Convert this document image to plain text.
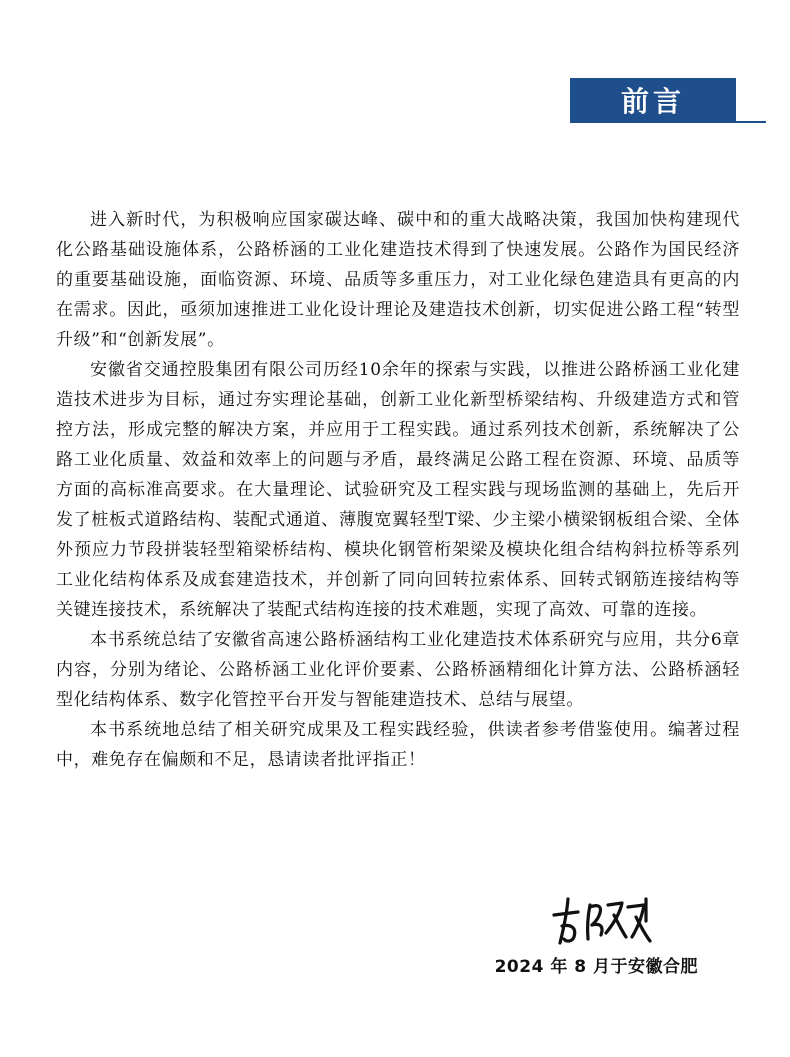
前言

进入新时代，为积极响应国家碳达峰、碳中和的重大战略决策，我国加快构建现代化公路基础设施体系，公路桥涵的工业化建造技术得到了快速发展。公路作为国民经济的重要基础设施，面临资源、环境、品质等多重压力，对工业化绿色建造具有更高的内在需求。因此，亟须加速推进工业化设计理论及建造技术创新，切实促进公路工程“转型升级”和“创新发展”。

安徽省交通控股集团有限公司历经10余年的探索与实践，以推进公路桥涵工业化建造技术进步为目标，通过夯实理论基础，创新工业化新型桥梁结构、升级建造方式和管控方法，形成完整的解决方案，并应用于工程实践。通过系列技术创新，系统解决了公路工业化质量、效益和效率上的问题与矛盾，最终满足公路工程在资源、环境、品质等方面的高标准高要求。在大量理论、试验研究及工程实践与现场监测的基础上，先后开发了桩板式道路结构、装配式通道、薄腹宽翼轻型T梁、少主梁小横梁钢板组合梁、全体外预应力节段拼装轻型箱梁桥结构、模块化钢管桁架梁及模块化组合结构斜拉桥等系列工业化结构体系及成套建造技术，并创新了同向回转拉索体系、回转式钢筋连接结构等关键连接技术，系统解决了装配式结构连接的技术难题，实现了高效、可靠的连接。

本书系统总结了安徽省高速公路桥涵结构工业化建造技术体系研究与应用，共分6章内容，分别为绪论、公路桥涵工业化评价要素、公路桥涵精细化计算方法、公路桥涵轻型化结构体系、数字化管控平台开发与智能建造技术、总结与展望。

本书系统地总结了相关研究成果及工程实践经验，供读者参考借鉴使用。编著过程中，难免存在偏颇和不足，恳请读者批评指正！

2024 年 8 月于安徽合肥
